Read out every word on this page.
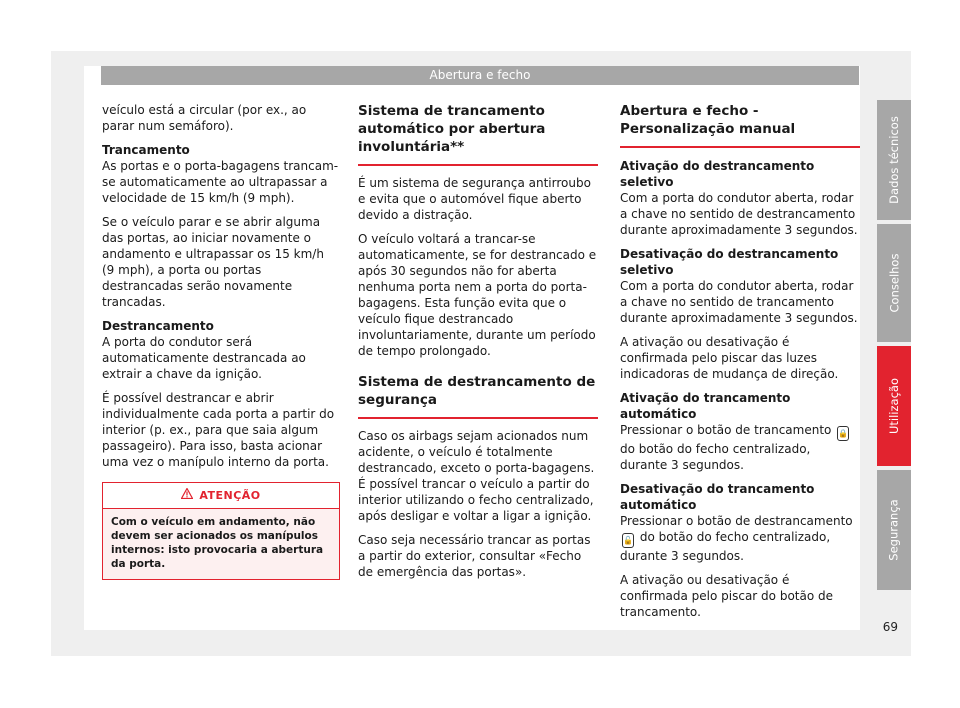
Abertura e fecho

veículo está a circular (por ex., ao parar num semáforo).

Trancamento

As portas e o porta-bagagens trancam-se automaticamente ao ultrapassar a velocidade de 15 km/h (9 mph).

Se o veículo parar e se abrir alguma das portas, ao iniciar novamente o andamento e ultrapassar os 15 km/h (9 mph), a porta ou portas destrancadas serão novamente trancadas.

Destrancamento

A porta do condutor será automaticamente destrancada ao extrair a chave da ignição.

É possível destrancar e abrir individualmente cada porta a partir do interior (p. ex., para que saia algum passageiro). Para isso, basta acionar uma vez o manípulo interno da porta.

ATENÇÃO
Com o veículo em andamento, não devem ser acionados os manípulos internos: isto provocaria a abertura da porta.
Sistema de trancamento automático por abertura involuntária**

É um sistema de segurança antirroubo e evita que o automóvel fique aberto devido a distração.

O veículo voltará a trancar-se automaticamente, se for destrancado e após 30 segundos não for aberta nenhuma porta nem a porta do porta-bagagens. Esta função evita que o veículo fique destrancado involuntariamente, durante um período de tempo prolongado.

Sistema de destrancamento de segurança

Caso os airbags sejam acionados num acidente, o veículo é totalmente destrancado, exceto o porta-bagagens. É possível trancar o veículo a partir do interior utilizando o fecho centralizado, após desligar e voltar a ligar a ignição.

Caso seja necessário trancar as portas a partir do exterior, consultar «Fecho de emergência das portas».

Abertura e fecho - Personalização manual

Ativação do destrancamento seletivo

Com a porta do condutor aberta, rodar a chave no sentido de destrancamento durante aproximadamente 3 segundos.

Desativação do destrancamento seletivo

Com a porta do condutor aberta, rodar a chave no sentido de trancamento durante aproximadamente 3 segundos.

A ativação ou desativação é confirmada pelo piscar das luzes indicadoras de mudança de direção.

Ativação do trancamento automático

Pressionar o botão de trancamento 🔒 do botão do fecho centralizado, durante 3 segundos.

Desativação do trancamento automático

Pressionar o botão de destrancamento 🔓 do botão do fecho centralizado, durante 3 segundos.

A ativação ou desativação é confirmada pelo piscar do botão de trancamento.

Dados técnicos
Conselhos
Utilização
Segurança
69
